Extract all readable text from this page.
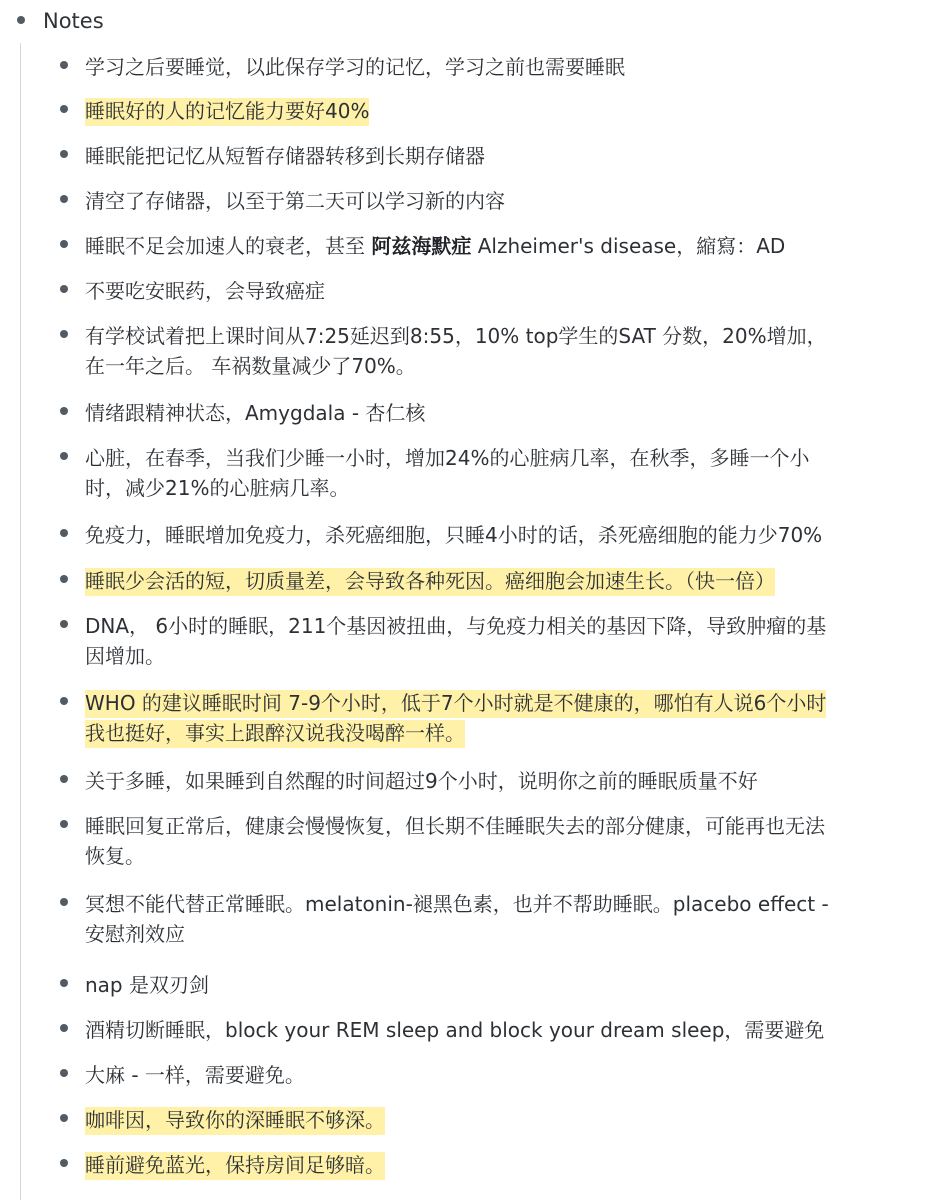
Notes
学习之后要睡觉，以此保存学习的记忆，学习之前也需要睡眠
睡眠好的人的记忆能力要好40%
睡眠能把记忆从短暂存储器转移到长期存储器
清空了存储器，以至于第二天可以学习新的内容
睡眠不足会加速人的衰老，甚至 阿兹海默症 Alzheimer's disease，縮寫：AD
不要吃安眠药，会导致癌症
有学校试着把上课时间从7:25延迟到8:55，10% top学生的SAT 分数，20%增加，
在一年之后。 车祸数量减少了70%。
情绪跟精神状态，Amygdala - 杏仁核
心脏，在春季，当我们少睡一小时，增加24%的心脏病几率，在秋季，多睡一个小
时，减少21%的心脏病几率。
免疫力，睡眠增加免疫力，杀死癌细胞，只睡4小时的话，杀死癌细胞的能力少70%
睡眠少会活的短，切质量差，会导致各种死因。癌细胞会加速生长。（快一倍）
DNA， 6小时的睡眠，211个基因被扭曲，与免疫力相关的基因下降，导致肿瘤的基
因增加。
WHO 的建议睡眠时间 7-9个小时，低于7个小时就是不健康的，哪怕有人说6个小时
我也挺好，事实上跟醉汉说我没喝醉一样。
关于多睡，如果睡到自然醒的时间超过9个小时，说明你之前的睡眠质量不好
睡眠回复正常后，健康会慢慢恢复，但长期不佳睡眠失去的部分健康，可能再也无法
恢复。
冥想不能代替正常睡眠。melatonin-褪黑色素，也并不帮助睡眠。placebo effect -
安慰剂效应
nap 是双刃剑
酒精切断睡眠，block your REM sleep and block your dream sleep，需要避免
大麻 - 一样，需要避免。
咖啡因，导致你的深睡眠不够深。
睡前避免蓝光，保持房间足够暗。
